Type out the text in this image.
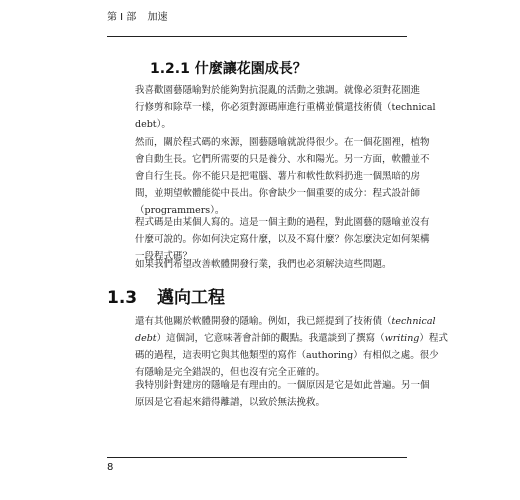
第 I 部 加速
1.2.1 什麼讓花園成長？
我喜歡園藝隱喻對於能夠對抗混亂的活動之強調。就像必須對花園進
行修剪和除草一樣，你必須對源碼庫進行重構並償還技術債（technical
debt）。
然而，關於程式碼的來源，園藝隱喻就說得很少。在一個花園裡，植物
會自動生長。它們所需要的只是養分、水和陽光。另一方面，軟體並不
會自行生長。你不能只是把電腦、薯片和軟性飲料扔進一個黑暗的房
間，並期望軟體能從中長出。你會缺少一個重要的成分：程式設計師
（programmers）。
程式碼是由某個人寫的。這是一個主動的過程，對此園藝的隱喻並沒有
什麼可說的。你如何決定寫什麼，以及不寫什麼？你怎麼決定如何架構
一段程式碼？
如果我們希望改善軟體開發行業，我們也必須解決這些問題。
1.3 邁向工程
還有其他關於軟體開發的隱喻。例如，我已經提到了技術債（technical
debt）這個詞，它意味著會計師的觀點。我還談到了撰寫（writing）程式
碼的過程，這表明它與其他類型的寫作（authoring）有相似之處。很少
有隱喻是完全錯誤的，但也沒有完全正確的。
我特別針對建房的隱喻是有理由的。一個原因是它是如此普遍。另一個
原因是它看起來錯得離譜，以致於無法挽救。
8
